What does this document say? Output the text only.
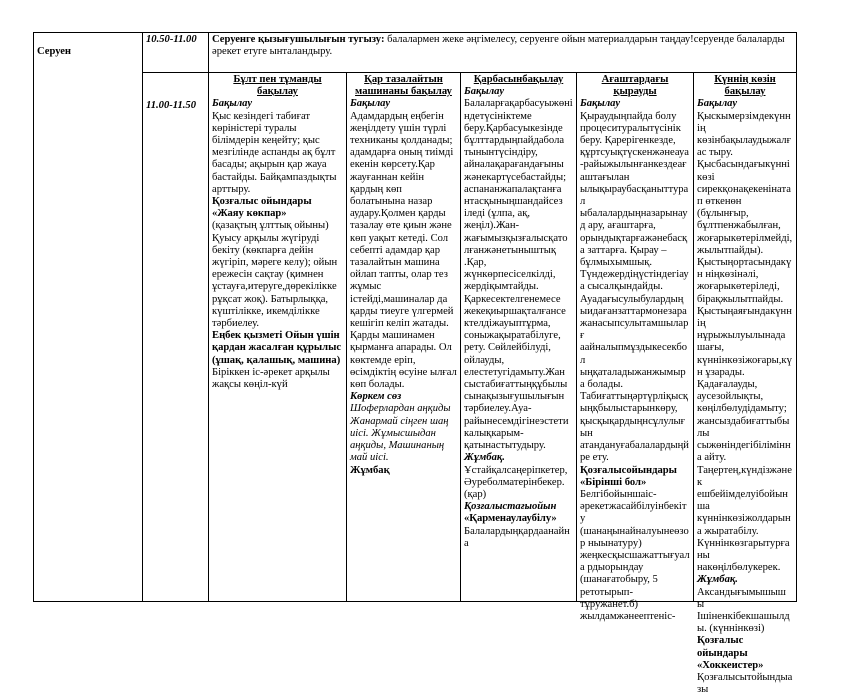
Серуен
10.50-11.00	Серуенге қызығушылығын тугызу: балалармен жеке әңгімелесу, серуенге ойын материалдарын таңдау!серуенде балаларды әрекет етуге ынталандыру.
11.00-11.50
Бұлт пен тұманды бақылау
Бақылау
Қыс кезіндегі табиғат көріністері туралы білімдерін кеңейту; қыс мезгілінде аспанды ақ бұлт басады; ақырын қар жауа бастайды. Байқампаздықты арттыру.
Қозғалыс ойындары «Жаяу көкпар»
(қазақтың ұлттық ойыны) Қуысу арқылы жүгіруді бекіту (көкпарға дейін жүгіріп, мәреге келу); ойын ережесін сақтау (қимнен ұстауға,итеруге,дөрекілікке рұқсат жоқ). Батырлыққа, күштілікке, икемділікке тәрбиелеу.
Еңбек қызметі Ойын үшін қардан жасалған құрылыс (ұшақ, қалашық, машина)
Біріккен іс-әрекет арқылы жақсы көңіл-күй
Қар тазалайтын машинаны бақылау
Бақылау
Адамдардың еңбегін жеңілдету үшін түрлі техниканы қолданады; адамдарға оның тиімді екенін көрсету.Қар жауғаннан кейін қардың көп болатынына назар аудару.Қолмен қарды тазалау өте қиын және көп уақыт кетеді. Сол себепті адамдар қар тазалайтын машина ойлап тапты, олар тез жұмыс істейді,машиналар да қарды тиеуге үлгермей кешігіп келіп жатады. Қарды машинамен қырманға апарады. Ол көктемде еріп, өсімдіктің өсуіне ылғал көп болады.
Көркем сөз
Шоферлардан аңқиды Жанармай сіңген шаң иісі. Жұмысшыдан аңқиды, Машинаның май иісі.
Жұмбақ
Қарбасынбақылау
Бақылау
Балаларғақарбасуыжөніндетүсініктеме беру.Қарбасуыкезінде бұлттардыңпайдабола тынынтүсіндіру, айналақарағандағыны жәнекартүсебастайды; аспананжапалақтанға нтасқыныңшандайсез іледі (ұлпа, ақ, жеңіл).Жан-жағымызқызғалысқато лғанжәнетыныштық .Қар, жүнкөрпесіселкілді, жердіқымтайды. Қаркесектелгенемесе жекеқиыршақталғансе ктелдіжауыптұрма, соныжақыратабілуге, рету. Сөйлейбілуді, ойлауды, елестетугідамыту.Жан сыстабиғаттыңқұбылы сынақызығушылығын тәрбиелеу.Ауа-райынесемдігінеэстети калықкарым-қатынастытудыру.
Жұмбақ.
Ұстайқалсаңеріпкетер, Әуреболматерінбекер. (қар)
Қозғалыстағыойын
«Қарменаулаубілу»
Балалардыңқардаанайна
Ағаштардағы қырауды
Бақылау
Қыраудыңпайда болу процеситуралытүсінік беру. Қарерігенкезде, құртсуықтүскенжәнеауа-райыжылынғанкездеағаштағылан ылықыраубасқаныттурал ыбалалардыңназарынауд ару, ағаштарға, орындықтарғажәнебасқа заттарға. Қырау – бұлмыхымшық. Түндежердіңүстіндегіауа сысалқындайды. Ауадағысулыбулардың ыидағанзаттармонезара жанасыпсулытамшыларғ аайналыпмұздыкесекбол ыңқаталадыжанжымыра болады. Табиғаттыңәртүрліқысқ ыңқбылыстарынкөру, қысқықардыңнсұлулығын атандануғабалалардыңйре ету.
Қозғалысойындары «Бірінші бол»
Белгібойыншаіс-әрекетжасайбілуінбекіту (шанаңынайналуынеөзор ныынатуру) жеңкесқысшажаттығуала рдыорындау (шанағатобыру, 5 ретотырып-тұружанет.б) жылдамжәнеептеніс-
Күннің көзін бақылау
Бақылау
Қыскымерзімдекүннің көзінбақылаудыжалғас тыру. Қысбасындағыкүннікөзі сирекқонақекенінатап өткенөн (бұлынғыр, бұлтпенжабылған, жоғарыкөтерілмейді, жылытпайды). Қыстыңортасындакүн ніңкөзінәлі, жоғарыкөтеріледі, бірақжылытпайды. Қыстыңаяғындакүннің нұрыжылуылынадашағы, күннінкөзіжоғары,күн ұзарады. Қадағалауды, аусезойлықты, көңілбөлудідамыту; жансыздабиғаттыбылы сыжөніндегібілімінна айту. Таңертең,күндізжәнек ешбейімделуібойынша күннінкөзіжолдарына жыратабілу. Күннінкөзгарытурғаны накөңілбөлукерек.
Жұмбақ.
Аксандығымышышы Ішіненкібекшашылды. (күннінкөзі)
Қозғалыс ойындары «Хоккеистер»
Қозғалысытойындыазы
